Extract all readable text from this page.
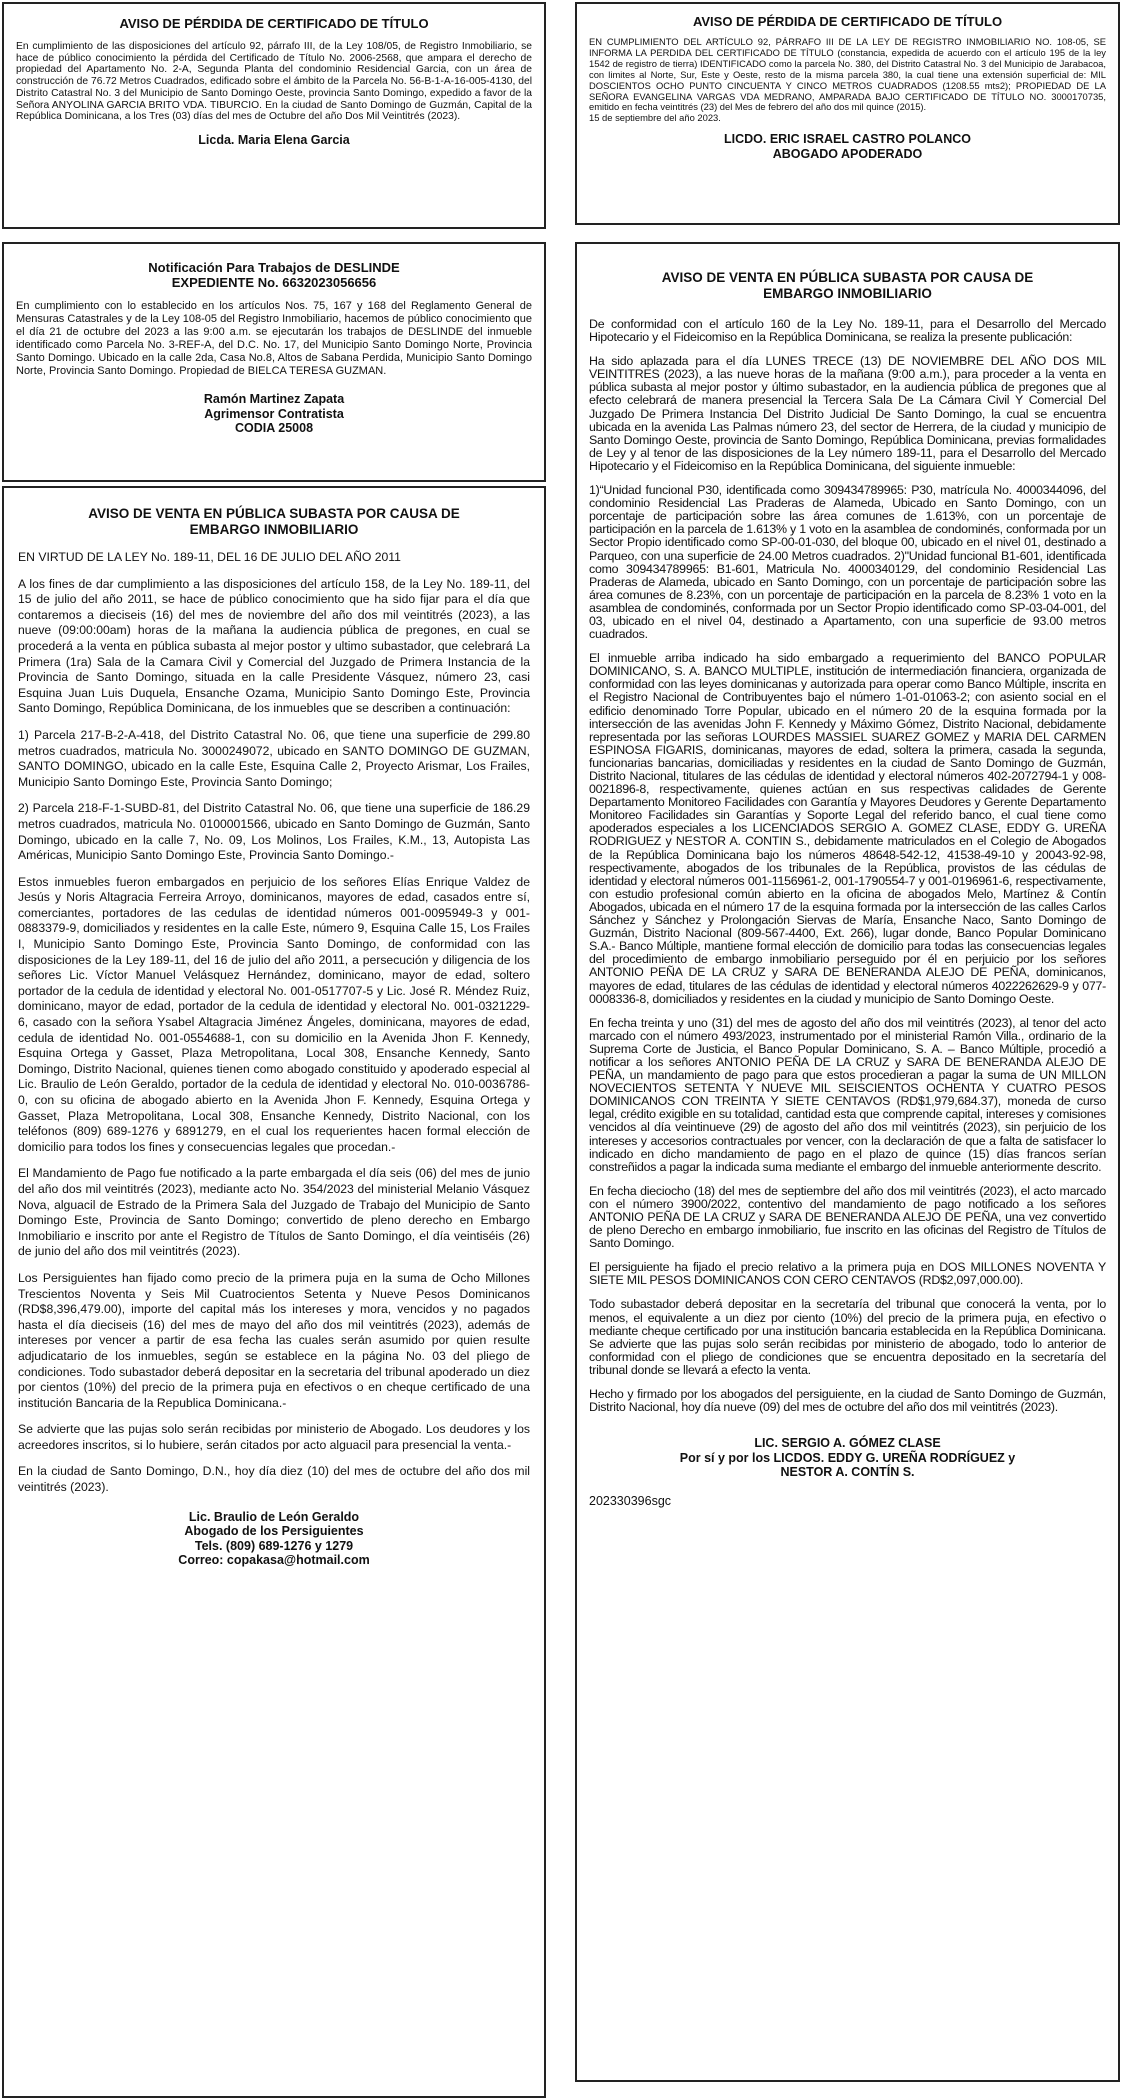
AVISO DE PÉRDIDA DE CERTIFICADO DE TÍTULO

En cumplimiento de las disposiciones del artículo 92, párrafo III, de la Ley 108/05, de Registro Inmobiliario, se hace de público conocimiento la pérdida del Certificado de Título No. 2006-2568, que ampara el derecho de propiedad del Apartamento No. 2-A, Segunda Planta del condominio Residencial Garcia, con un área de construcción de 76.72 Metros Cuadrados, edificado sobre el ámbito de la Parcela No. 56-B-1-A-16-005-4130, del Distrito Catastral No. 3 del Municipio de Santo Domingo Oeste, provincia Santo Domingo, expedido a favor de la Señora ANYOLINA GARCIA BRITO VDA. TIBURCIO. En la ciudad de Santo Domingo de Guzmán, Capital de la República Dominicana, a los Tres (03) días del mes de Octubre del año Dos Mil Veintitrés (2023).

Licda. Maria Elena Garcia
AVISO DE PÉRDIDA DE CERTIFICADO DE TÍTULO

EN CUMPLIMIENTO DEL ARTÍCULO 92, PÁRRAFO III DE LA LEY DE REGISTRO INMOBILIARIO NO. 108-05, SE INFORMA LA PERDIDA DEL CERTIFICADO DE TÍTULO (constancia, expedida de acuerdo con el artículo 195 de la ley 1542 de registro de tierra) IDENTIFICADO como la parcela No. 380, del Distrito Catastral No. 3 del Municipio de Jarabacoa, con limites al Norte, Sur, Este y Oeste, resto de la misma parcela 380, la cual tiene una extensión superficial de: MIL DOSCIENTOS OCHO PUNTO CINCUENTA Y CINCO METROS CUADRADOS (1208.55 mts2); PROPIEDAD DE LA SEÑORA EVANGELINA VARGAS VDA MEDRANO, AMPARADA BAJO CERTIFICADO DE TÍTULO NO. 3000170735, emitido en fecha veintitrés (23) del Mes de febrero del año dos mil quince (2015).

15 de septiembre del año 2023.

LICDO. ERIC ISRAEL CASTRO POLANCO
ABOGADO APODERADO
Notificación Para Trabajos de DESLINDE
EXPEDIENTE No. 6632023056656

En cumplimiento con lo establecido en los artículos Nos. 75, 167 y 168 del Reglamento General de Mensuras Catastrales y de la Ley 108-05 del Registro Inmobiliario, hacemos de público conocimiento que el día 21 de octubre del 2023 a las 9:00 a.m. se ejecutarán los trabajos de DESLINDE del inmueble identificado como Parcela No. 3-REF-A, del D.C. No. 17, del Municipio Santo Domingo Norte, Provincia Santo Domingo. Ubicado en la calle 2da, Casa No.8, Altos de Sabana Perdida, Municipio Santo Domingo Norte, Provincia Santo Domingo. Propiedad de BIELCA TERESA GUZMAN.

Ramón Martinez Zapata
Agrimensor Contratista
CODIA 25008
AVISO DE VENTA EN PÚBLICA SUBASTA POR CAUSA DE
EMBARGO INMOBILIARIO

EN VIRTUD DE LA LEY No. 189-11, DEL 16 DE JULIO DEL AÑO 2011

A los fines de dar cumplimiento a las disposiciones del artículo 158, de la Ley No. 189-11, del 15 de julio del año 2011, se hace de público conocimiento que ha sido fijar para el día que contaremos a dieciseis (16) del mes de noviembre del año dos mil veintitrés (2023), a las nueve (09:00:00am) horas de la mañana la audiencia pública de pregones, en cual se procederá a la venta en pública subasta al mejor postor y ultimo subastador, que celebrará La Primera (1ra) Sala de la Camara Civil y Comercial del Juzgado de Primera Instancia de la Provincia de Santo Domingo, situada en la calle Presidente Vásquez, número 23, casi Esquina Juan Luis Duquela, Ensanche Ozama, Municipio Santo Domingo Este, Provincia Santo Domingo, República Dominicana, de los inmuebles que se describen a continuación:

1) Parcela 217-B-2-A-418, del Distrito Catastral No. 06, que tiene una superficie de 299.80 metros cuadrados, matricula No. 3000249072, ubicado en SANTO DOMINGO DE GUZMAN, SANTO DOMINGO, ubicado en la calle Este, Esquina Calle 2, Proyecto Arismar, Los Frailes, Municipio Santo Domingo Este, Provincia Santo Domingo;

2) Parcela 218-F-1-SUBD-81, del Distrito Catastral No. 06, que tiene una superficie de 186.29 metros cuadrados, matricula No. 0100001566, ubicado en Santo Domingo de Guzmán, Santo Domingo, ubicado en la calle 7, No. 09, Los Molinos, Los Frailes, K.M., 13, Autopista Las Américas, Municipio Santo Domingo Este, Provincia Santo Domingo.-

Estos inmuebles fueron embargados en perjuicio de los señores Elías Enrique Valdez de Jesús y Noris Altagracia Ferreira Arroyo, dominicanos, mayores de edad, casados entre sí, comerciantes, portadores de las cedulas de identidad números 001-0095949-3 y 001-0883379-9, domiciliados y residentes en la calle Este, número 9, Esquina Calle 15, Los Frailes I, Municipio Santo Domingo Este, Provincia Santo Domingo, de conformidad con las disposiciones de la Ley 189-11, del 16 de julio del año 2011, a persecución y diligencia de los señores Lic. Víctor Manuel Velásquez Hernández, dominicano, mayor de edad, soltero portador de la cedula de identidad y electoral No. 001-0517707-5 y Lic. José R. Méndez Ruiz, dominicano, mayor de edad, portador de la cedula de identidad y electoral No. 001-0321229-6, casado con la señora Ysabel Altagracia Jiménez Ángeles, dominicana, mayores de edad, cedula de identidad No. 001-0554688-1, con su domicilio en la Avenida Jhon F. Kennedy, Esquina Ortega y Gasset, Plaza Metropolitana, Local 308, Ensanche Kennedy, Santo Domingo, Distrito Nacional, quienes tienen como abogado constituido y apoderado especial al Lic. Braulio de León Geraldo, portador de la cedula de identidad y electoral No. 010-0036786-0, con su oficina de abogado abierto en la Avenida Jhon F. Kennedy, Esquina Ortega y Gasset, Plaza Metropolitana, Local 308, Ensanche Kennedy, Distrito Nacional, con los teléfonos (809) 689-1276 y 6891279, en el cual los requerientes hacen formal elección de domicilio para todos los fines y consecuencias legales que procedan.-

El Mandamiento de Pago fue notificado a la parte embargada el día seis (06) del mes de junio del año dos mil veintitrés (2023), mediante acto No. 354/2023 del ministerial Melanio Vásquez Nova, alguacil de Estrado de la Primera Sala del Juzgado de Trabajo del Municipio de Santo Domingo Este, Provincia de Santo Domingo; convertido de pleno derecho en Embargo Inmobiliario e inscrito por ante el Registro de Títulos de Santo Domingo, el día veintiséis (26) de junio del año dos mil veintitrés (2023).

Los Persiguientes han fijado como precio de la primera puja en la suma de Ocho Millones Trescientos Noventa y Seis Mil Cuatrocientos Setenta y Nueve Pesos Dominicanos (RD$8,396,479.00), importe del capital más los intereses y mora, vencidos y no pagados hasta el día dieciseis (16) del mes de mayo del año dos mil veintitrés (2023), además de intereses por vencer a partir de esa fecha las cuales serán asumido por quien resulte adjudicatario de los inmuebles, según se establece en la página No. 03 del pliego de condiciones. Todo subastador deberá depositar en la secretaria del tribunal apoderado un diez por cientos (10%) del precio de la primera puja en efectivos o en cheque certificado de una institución Bancaria de la Republica Dominicana.-

Se advierte que las pujas solo serán recibidas por ministerio de Abogado. Los deudores y los acreedores inscritos, si lo hubiere, serán citados por acto alguacil para presencial la venta.-

En la ciudad de Santo Domingo, D.N., hoy día diez (10) del mes de octubre del año dos mil veintitrés (2023).

Lic. Braulio de León Geraldo
Abogado de los Persiguientes
Tels. (809) 689-1276 y 1279
Correo: copakasa@hotmail.com
AVISO DE VENTA EN PÚBLICA SUBASTA POR CAUSA DE
EMBARGO INMOBILIARIO

De conformidad con el artículo 160 de la Ley No. 189-11, para el Desarrollo del Mercado Hipotecario y el Fideicomiso en la República Dominicana, se realiza la presente publicación:

Ha sido aplazada para el día LUNES TRECE (13) DE NOVIEMBRE DEL AÑO DOS MIL VEINTITRES (2023), a las nueve horas de la mañana (9:00 a.m.), para proceder a la venta en pública subasta al mejor postor y último subastador, en la audiencia pública de pregones que al efecto celebrará de manera presencial la Tercera Sala De La Cámara Civil Y Comercial Del Juzgado De Primera Instancia Del Distrito Judicial De Santo Domingo, la cual se encuentra ubicada en la avenida Las Palmas número 23, del sector de Herrera, de la ciudad y municipio de Santo Domingo Oeste, provincia de Santo Domingo, República Dominicana, previas formalidades de Ley y al tenor de las disposiciones de la Ley número 189-11, para el Desarrollo del Mercado Hipotecario y el Fideicomiso en la República Dominicana, del siguiente inmueble:

1)“Unidad funcional P30, identificada como 309434789965: P30, matrícula No. 4000344096, del condominio Residencial Las Praderas de Alameda, Ubicado en Santo Domingo, con un porcentaje de participación sobre las área comunes de 1.613%, con un porcentaje de participación en la parcela de 1.613% y 1 voto en la asamblea de condominés, conformada por un Sector Propio identificado como SP-00-01-030, del bloque 00, ubicado en el nivel 01, destinado a Parqueo, con una superficie de 24.00 Metros cuadrados. 2)"Unidad funcional B1-601, identificada como 309434789965: B1-601, Matricula No. 4000340129, del condominio Residencial Las Praderas de Alameda, ubicado en Santo Domingo, con un porcentaje de participación sobre las área comunes de 8.23%, con un porcentaje de participación en la parcela de 8.23% 1 voto en la asamblea de condominés, conformada por un Sector Propio identificado como SP-03-04-001, del 03, ubicado en el nivel 04, destinado a Apartamento, con una superficie de 93.00 metros cuadrados.

El inmueble arriba indicado ha sido embargado a requerimiento del BANCO POPULAR DOMINICANO, S. A. BANCO MULTIPLE, institución de intermediación financiera, organizada de conformidad con las leyes dominicanas y autorizada para operar como Banco Múltiple, inscrita en el Registro Nacional de Contribuyentes bajo el número 1-01-01063-2; con asiento social en el edificio denominado Torre Popular, ubicado en el número 20 de la esquina formada por la intersección de las avenidas John F. Kennedy y Máximo Gómez, Distrito Nacional, debidamente representada por las señoras LOURDES MASSIEL SUAREZ GOMEZ y MARIA DEL CARMEN ESPINOSA FIGARIS, dominicanas, mayores de edad, soltera la primera, casada la segunda, funcionarias bancarias, domiciliadas y residentes en la ciudad de Santo Domingo de Guzmán, Distrito Nacional, titulares de las cédulas de identidad y electoral números 402-2072794-1 y 008-0021896-8, respectivamente, quienes actúan en sus respectivas calidades de Gerente Departamento Monitoreo Facilidades con Garantía y Mayores Deudores y Gerente Departamento Monitoreo Facilidades sin Garantías y Soporte Legal del referido banco, el cual tiene como apoderados especiales a los LICENCIADOS SERGIO A. GOMEZ CLASE, EDDY G. UREÑA RODRIGUEZ y NESTOR A. CONTIN S., debidamente matriculados en el Colegio de Abogados de la República Dominicana bajo los números 48648-542-12, 41538-49-10 y 20043-92-98, respectivamente, abogados de los tribunales de la República, provistos de las cédulas de identidad y electoral números 001-1156961-2, 001-1790554-7 y 001-0196961-6, respectivamente, con estudio profesional común abierto en la oficina de abogados Melo, Martínez & Contín Abogados, ubicada en el número 17 de la esquina formada por la intersección de las calles Carlos Sánchez y Sánchez y Prolongación Siervas de María, Ensanche Naco, Santo Domingo de Guzmán, Distrito Nacional (809-567-4400, Ext. 266), lugar donde, Banco Popular Dominicano S.A.- Banco Múltiple, mantiene formal elección de domicilio para todas las consecuencias legales del procedimiento de embargo inmobiliario perseguido por él en perjuicio por los señores ANTONIO PEÑA DE LA CRUZ y SARA DE BENERANDA ALEJO DE PEÑA, dominicanos, mayores de edad, titulares de las cédulas de identidad y electoral números 4022262629-9 y 077-0008336-8, domiciliados y residentes en la ciudad y municipio de Santo Domingo Oeste.

En fecha treinta y uno (31) del mes de agosto del año dos mil veintitrés (2023), al tenor del acto marcado con el número 493/2023, instrumentado por el ministerial Ramón Villa., ordinario de la Suprema Corte de Justicia, el Banco Popular Dominicano, S. A. – Banco Múltiple, procedió a notificar a los señores ANTONIO PEÑA DE LA CRUZ y SARA DE BENERANDA ALEJO DE PEÑA, un mandamiento de pago para que estos procedieran a pagar la suma de UN MILLON NOVECIENTOS SETENTA Y NUEVE MIL SEISCIENTOS OCHENTA Y CUATRO PESOS DOMINICANOS CON TREINTA Y SIETE CENTAVOS (RD$1,979,684.37), moneda de curso legal, crédito exigible en su totalidad, cantidad esta que comprende capital, intereses y comisiones vencidos al día veintinueve (29) de agosto del año dos mil veintitrés (2023), sin perjuicio de los intereses y accesorios contractuales por vencer, con la declaración de que a falta de satisfacer lo indicado en dicho mandamiento de pago en el plazo de quince (15) días francos serían constreñidos a pagar la indicada suma mediante el embargo del inmueble anteriormente descrito.

En fecha dieciocho (18) del mes de septiembre del año dos mil veintitrés (2023), el acto marcado con el número 3900/2022, contentivo del mandamiento de pago notificado a los señores ANTONIO PEÑA DE LA CRUZ y SARA DE BENERANDA ALEJO DE PEÑA, una vez convertido de pleno Derecho en embargo inmobiliario, fue inscrito en las oficinas del Registro de Títulos de Santo Domingo.

El persiguiente ha fijado el precio relativo a la primera puja en DOS MILLONES NOVENTA Y SIETE MIL PESOS DOMINICANOS CON CERO CENTAVOS (RD$2,097,000.00).

Todo subastador deberá depositar en la secretaría del tribunal que conocerá la venta, por lo menos, el equivalente a un diez por ciento (10%) del precio de la primera puja, en efectivo o mediante cheque certificado por una institución bancaria establecida en la República Dominicana. Se advierte que las pujas solo serán recibidas por ministerio de abogado, todo lo anterior de conformidad con el pliego de condiciones que se encuentra depositado en la secretaría del tribunal donde se llevará a efecto la venta.

Hecho y firmado por los abogados del persiguiente, en la ciudad de Santo Domingo de Guzmán, Distrito Nacional, hoy día nueve (09) del mes de octubre del año dos mil veintitrés (2023).

LIC. SERGIO A. GÓMEZ CLASE
Por sí y por los LICDOS. EDDY G. UREÑA RODRÍGUEZ y
NESTOR A. CONTÍN S.
202330396sgc
